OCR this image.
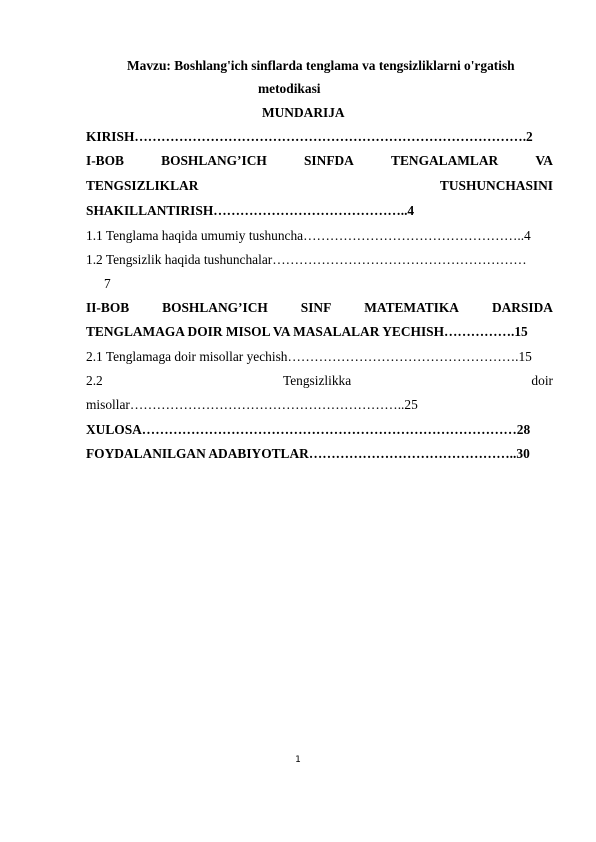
Mavzu: Boshlang'ich sinflarda tenglama va tengsizliklarni o'rgatish
metodikasi
MUNDARIJA
KIRISH…………………………………………………………………………….2
I-BOB	BOSHLANG’ICH	SINFDA	TENGALAMLAR	VA
TENGSIZLIKLAR	TUSHUNCHASINI
SHAKILLANTIRISH……………………………………..4
1.1 Tenglama haqida umumiy tushuncha…………………………………………..4
1.2 Tengsizlik haqida tushunchalar…………………………………………………
7
II-BOB BOSHLANG’ICH SINF MATEMATIKA DARSIDA
TENGLAMAGA DOIR MISOL VA MASALALAR YECHISH…………….15
2.1 Tenglamaga doir misollar yechish…………………………………………….15
2.2	Tengsizlikka	doir
misollar……………………………………………………..25
XULOSA…………………………………………………………………………28
FOYDALANILGAN ADABIYOTLAR………………………………………..30
1
